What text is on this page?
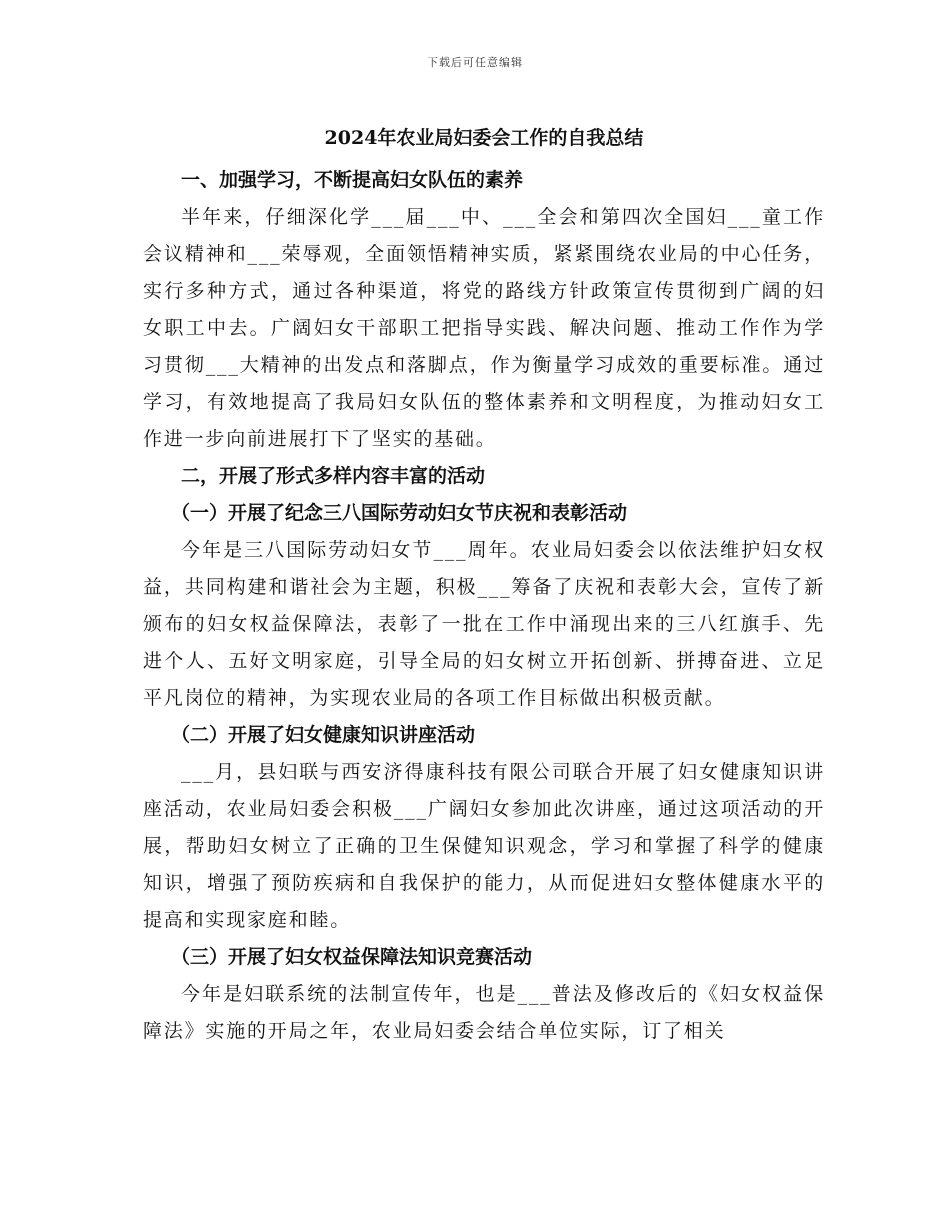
下载后可任意编辑
2024年农业局妇委会工作的自我总结
一、加强学习，不断提高妇女队伍的素养

半年来，仔细深化学___届___中、___全会和第四次全国妇___童工作会议精神和___荣辱观，全面领悟精神实质，紧紧围绕农业局的中心任务，实行多种方式，通过各种渠道，将党的路线方针政策宣传贯彻到广阔的妇女职工中去。广阔妇女干部职工把指导实践、解决问题、推动工作作为学习贯彻___大精神的出发点和落脚点，作为衡量学习成效的重要标准。通过学习，有效地提高了我局妇女队伍的整体素养和文明程度，为推动妇女工作进一步向前进展打下了坚实的基础。

二，开展了形式多样内容丰富的活动
（一）开展了纪念三八国际劳动妇女节庆祝和表彰活动

今年是三八国际劳动妇女节___周年。农业局妇委会以依法维护妇女权益，共同构建和谐社会为主题，积极___筹备了庆祝和表彰大会，宣传了新颁布的妇女权益保障法，表彰了一批在工作中涌现出来的三八红旗手、先进个人、五好文明家庭，引导全局的妇女树立开拓创新、拼搏奋进、立足平凡岗位的精神，为实现农业局的各项工作目标做出积极贡献。

（二）开展了妇女健康知识讲座活动

___月，县妇联与西安济得康科技有限公司联合开展了妇女健康知识讲座活动，农业局妇委会积极___广阔妇女参加此次讲座，通过这项活动的开展，帮助妇女树立了正确的卫生保健知识观念，学习和掌握了科学的健康知识，增强了预防疾病和自我保护的能力，从而促进妇女整体健康水平的提高和实现家庭和睦。

（三）开展了妇女权益保障法知识竞赛活动

今年是妇联系统的法制宣传年，也是___普法及修改后的《妇女权益保障法》实施的开局之年，农业局妇委会结合单位实际，订了相关
